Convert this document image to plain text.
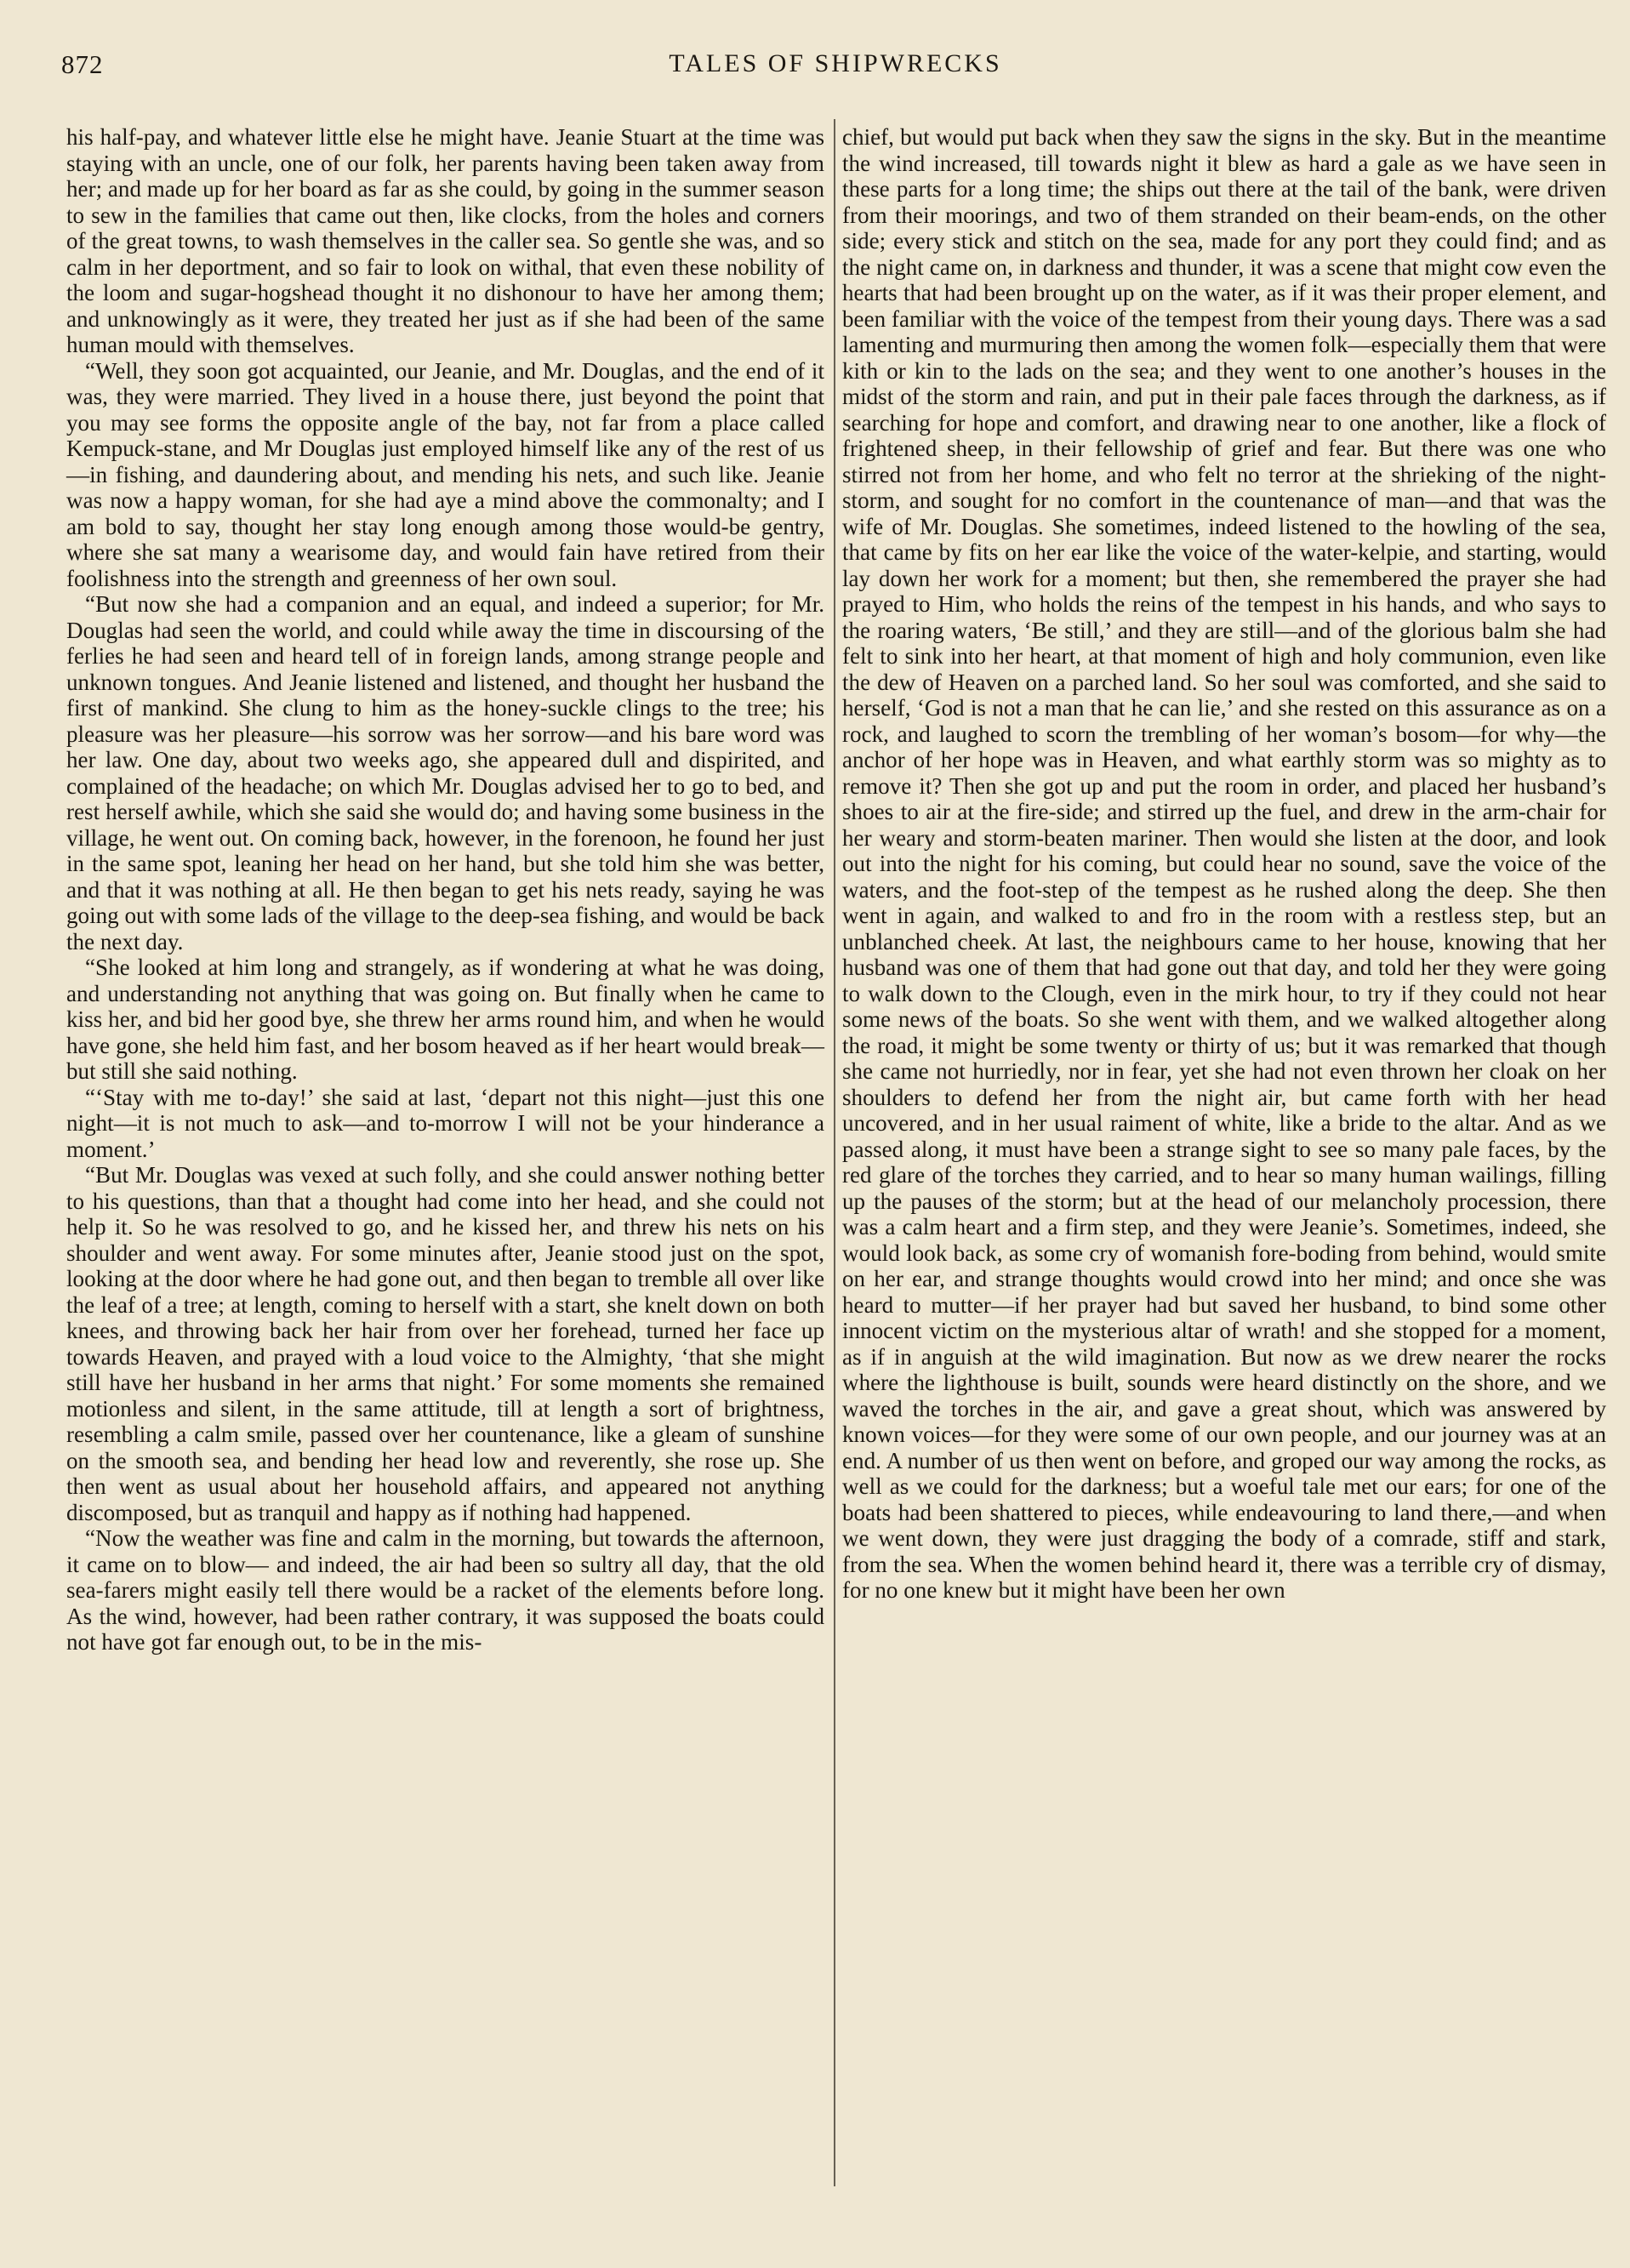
872	TALES OF SHIPWRECKS

his half-pay, and whatever little else he might have. Jeanie Stuart at the time was staying with an uncle, one of our folk, her parents having been taken away from her; and made up for her board as far as she could, by going in the summer season to sew in the families that came out then, like clocks, from the holes and corners of the great towns, to wash themselves in the caller sea. So gentle she was, and so calm in her deportment, and so fair to look on withal, that even these nobility of the loom and sugar-hogshead thought it no dishonour to have her among them; and unknowingly as it were, they treated her just as if she had been of the same human mould with themselves.

“Well, they soon got acquainted, our Jeanie, and Mr. Douglas, and the end of it was, they were married. They lived in a house there, just beyond the point that you may see forms the opposite angle of the bay, not far from a place called Kempuck-stane, and Mr Douglas just employed himself like any of the rest of us—in fishing, and daundering about, and mending his nets, and such like. Jeanie was now a happy woman, for she had aye a mind above the commonalty; and I am bold to say, thought her stay long enough among those would-be gentry, where she sat many a wearisome day, and would fain have retired from their foolishness into the strength and greenness of her own soul.

“But now she had a companion and an equal, and indeed a superior; for Mr. Douglas had seen the world, and could while away the time in discoursing of the ferlies he had seen and heard tell of in foreign lands, among strange people and unknown tongues. And Jeanie listened and listened, and thought her husband the first of mankind. She clung to him as the honey-suckle clings to the tree; his pleasure was her pleasure—his sorrow was her sorrow—and his bare word was her law. One day, about two weeks ago, she appeared dull and dispirited, and complained of the headache; on which Mr. Douglas advised her to go to bed, and rest herself awhile, which she said she would do; and having some business in the village, he went out. On coming back, however, in the forenoon, he found her just in the same spot, leaning her head on her hand, but she told him she was better, and that it was nothing at all. He then began to get his nets ready, saying he was going out with some lads of the village to the deep-sea fishing, and would be back the next day.

“She looked at him long and strangely, as if wondering at what he was doing, and understanding not anything that was going on. But finally when he came to kiss her, and bid her good bye, she threw her arms round him, and when he would have gone, she held him fast, and her bosom heaved as if her heart would break—but still she said nothing.

“‘Stay with me to-day!’ she said at last, ‘depart not this night—just this one night—it is not much to ask—and to-morrow I will not be your hinderance a moment.’

“But Mr. Douglas was vexed at such folly, and she could answer nothing better to his questions, than that a thought had come into her head, and she could not help it. So he was resolved to go, and he kissed her, and threw his nets on his shoulder and went away. For some minutes after, Jeanie stood just on the spot, looking at the door where he had gone out, and then began to tremble all over like the leaf of a tree; at length, coming to herself with a start, she knelt down on both knees, and throwing back her hair from over her forehead, turned her face up towards Heaven, and prayed with a loud voice to the Almighty, ‘that she might still have her husband in her arms that night.’ For some moments she remained motionless and silent, in the same attitude, till at length a sort of brightness, resembling a calm smile, passed over her countenance, like a gleam of sunshine on the smooth sea, and bending her head low and reverently, she rose up. She then went as usual about her household affairs, and appeared not anything discomposed, but as tranquil and happy as if nothing had happened.

“Now the weather was fine and calm in the morning, but towards the afternoon, it came on to blow— and indeed, the air had been so sultry all day, that the old sea-farers might easily tell there would be a racket of the elements before long. As the wind, however, had been rather contrary, it was supposed the boats could not have got far enough out, to be in the mis-

chief, but would put back when they saw the signs in the sky. But in the meantime the wind increased, till towards night it blew as hard a gale as we have seen in these parts for a long time; the ships out there at the tail of the bank, were driven from their moorings, and two of them stranded on their beam-ends, on the other side; every stick and stitch on the sea, made for any port they could find; and as the night came on, in darkness and thunder, it was a scene that might cow even the hearts that had been brought up on the water, as if it was their proper element, and been familiar with the voice of the tempest from their young days. There was a sad lamenting and murmuring then among the women folk—especially them that were kith or kin to the lads on the sea; and they went to one another’s houses in the midst of the storm and rain, and put in their pale faces through the darkness, as if searching for hope and comfort, and drawing near to one another, like a flock of frightened sheep, in their fellowship of grief and fear. But there was one who stirred not from her home, and who felt no terror at the shrieking of the night-storm, and sought for no comfort in the countenance of man—and that was the wife of Mr. Douglas. She sometimes, indeed listened to the howling of the sea, that came by fits on her ear like the voice of the water-kelpie, and starting, would lay down her work for a moment; but then, she remembered the prayer she had prayed to Him, who holds the reins of the tempest in his hands, and who says to the roaring waters, ‘Be still,’ and they are still—and of the glorious balm she had felt to sink into her heart, at that moment of high and holy communion, even like the dew of Heaven on a parched land. So her soul was comforted, and she said to herself, ‘God is not a man that he can lie,’ and she rested on this assurance as on a rock, and laughed to scorn the trembling of her woman’s bosom—for why—the anchor of her hope was in Heaven, and what earthly storm was so mighty as to remove it? Then she got up and put the room in order, and placed her husband’s shoes to air at the fire-side; and stirred up the fuel, and drew in the arm-chair for her weary and storm-beaten mariner. Then would she listen at the door, and look out into the night for his coming, but could hear no sound, save the voice of the waters, and the foot-step of the tempest as he rushed along the deep. She then went in again, and walked to and fro in the room with a restless step, but an unblanched cheek. At last, the neighbours came to her house, knowing that her husband was one of them that had gone out that day, and told her they were going to walk down to the Clough, even in the mirk hour, to try if they could not hear some news of the boats. So she went with them, and we walked altogether along the road, it might be some twenty or thirty of us; but it was remarked that though she came not hurriedly, nor in fear, yet she had not even thrown her cloak on her shoulders to defend her from the night air, but came forth with her head uncovered, and in her usual raiment of white, like a bride to the altar. And as we passed along, it must have been a strange sight to see so many pale faces, by the red glare of the torches they carried, and to hear so many human wailings, filling up the pauses of the storm; but at the head of our melancholy procession, there was a calm heart and a firm step, and they were Jeanie’s. Sometimes, indeed, she would look back, as some cry of womanish fore-boding from behind, would smite on her ear, and strange thoughts would crowd into her mind; and once she was heard to mutter—if her prayer had but saved her husband, to bind some other innocent victim on the mysterious altar of wrath! and she stopped for a moment, as if in anguish at the wild imagination. But now as we drew nearer the rocks where the lighthouse is built, sounds were heard distinctly on the shore, and we waved the torches in the air, and gave a great shout, which was answered by known voices—for they were some of our own people, and our journey was at an end. A number of us then went on before, and groped our way among the rocks, as well as we could for the darkness; but a woeful tale met our ears; for one of the boats had been shattered to pieces, while endeavouring to land there,—and when we went down, they were just dragging the body of a comrade, stiff and stark, from the sea. When the women behind heard it, there was a terrible cry of dismay, for no one knew but it might have been her own
